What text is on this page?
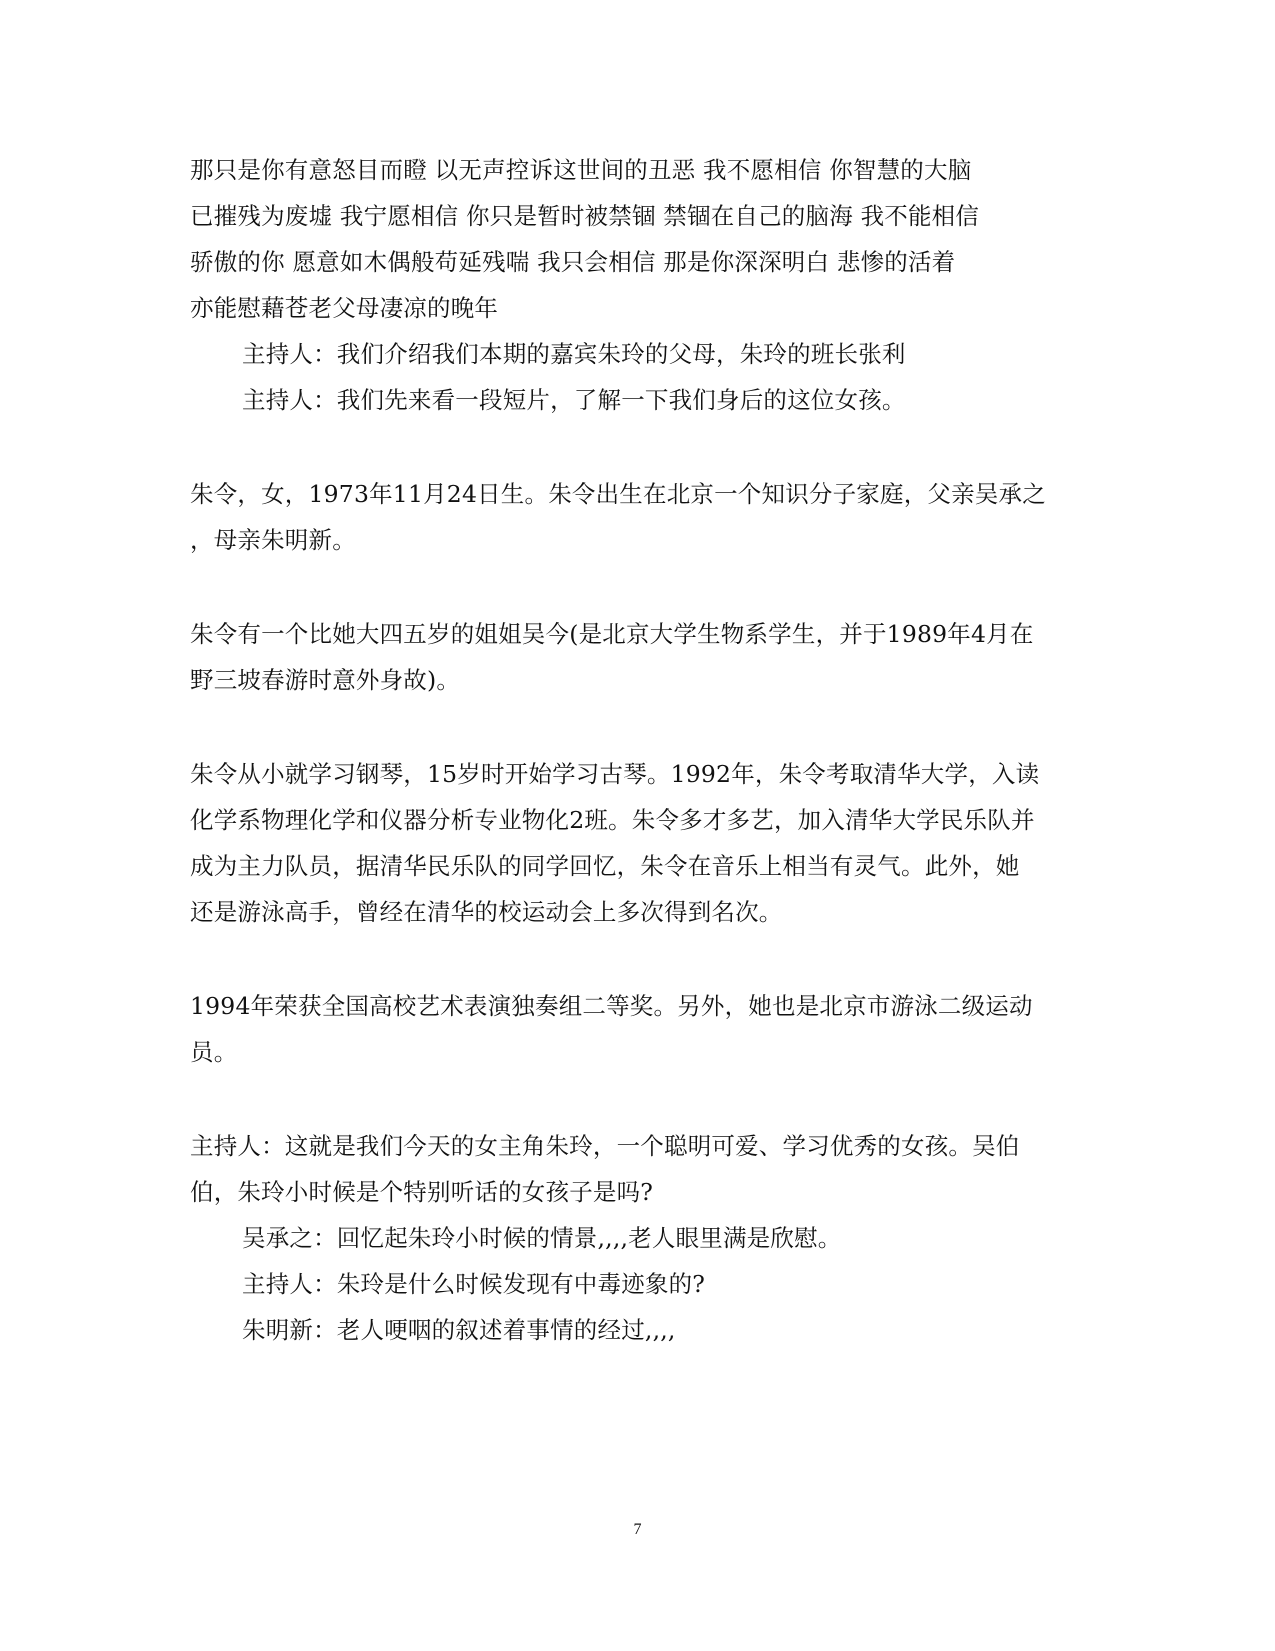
那只是你有意怒目而瞪 以无声控诉这世间的丑恶 我不愿相信 你智慧的大脑
已摧残为废墟 我宁愿相信 你只是暂时被禁锢 禁锢在自己的脑海 我不能相信
骄傲的你 愿意如木偶般苟延残喘 我只会相信 那是你深深明白 悲惨的活着
亦能慰藉苍老父母凄凉的晚年
主持人：我们介绍我们本期的嘉宾朱玲的父母，朱玲的班长张利
主持人：我们先来看一段短片，了解一下我们身后的这位女孩。
朱令，女，1973年11月24日生。朱令出生在北京一个知识分子家庭，父亲吴承之
，母亲朱明新。
朱令有一个比她大四五岁的姐姐吴今(是北京大学生物系学生，并于1989年4月在
野三坡春游时意外身故)。
朱令从小就学习钢琴，15岁时开始学习古琴。1992年，朱令考取清华大学，入读
化学系物理化学和仪器分析专业物化2班。朱令多才多艺，加入清华大学民乐队并
成为主力队员，据清华民乐队的同学回忆，朱令在音乐上相当有灵气。此外，她
还是游泳高手，曾经在清华的校运动会上多次得到名次。
1994年荣获全国高校艺术表演独奏组二等奖。另外，她也是北京市游泳二级运动
员。
主持人：这就是我们今天的女主角朱玲，一个聪明可爱、学习优秀的女孩。吴伯
伯，朱玲小时候是个特别听话的女孩子是吗?
吴承之：回忆起朱玲小时候的情景,,,,老人眼里满是欣慰。
主持人：朱玲是什么时候发现有中毒迹象的?
朱明新：老人哽咽的叙述着事情的经过,,,,
7
